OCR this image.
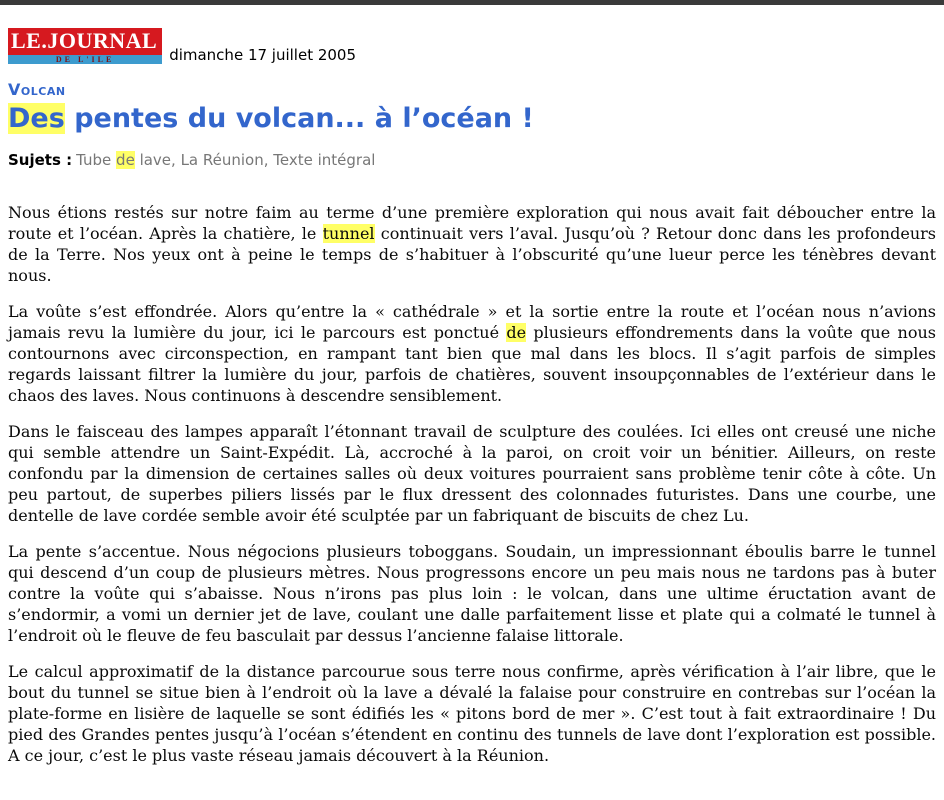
LE.JOURNAL
DE L'ILE	dimanche 17 juillet 2005
Volcan
Des pentes du volcan... à l’océan !
Sujets : Tube de lave, La Réunion, Texte intégral

Nous étions restés sur notre faim au terme d’une première exploration qui nous avait fait déboucher entre la route et l’océan. Après la chatière, le tunnel continuait vers l’aval. Jusqu’où ? Retour donc dans les profondeurs de la Terre. Nos yeux ont à peine le temps de s’habituer à l’obscurité qu’une lueur perce les ténèbres devant nous.

La voûte s’est effondrée. Alors qu’entre la « cathédrale » et la sortie entre la route et l’océan nous n’avions jamais revu la lumière du jour, ici le parcours est ponctué de plusieurs effondrements dans la voûte que nous contournons avec circonspection, en rampant tant bien que mal dans les blocs. Il s’agit parfois de simples regards laissant filtrer la lumière du jour, parfois de chatières, souvent insoupçonnables de l’extérieur dans le chaos des laves. Nous continuons à descendre sensiblement.

Dans le faisceau des lampes apparaît l’étonnant travail de sculpture des coulées. Ici elles ont creusé une niche qui semble attendre un Saint-Expédit. Là, accroché à la paroi, on croit voir un bénitier. Ailleurs, on reste confondu par la dimension de certaines salles où deux voitures pourraient sans problème tenir côte à côte. Un peu partout, de superbes piliers lissés par le flux dressent des colonnades futuristes. Dans une courbe, une dentelle de lave cordée semble avoir été sculptée par un fabriquant de biscuits de chez Lu.

La pente s’accentue. Nous négocions plusieurs toboggans. Soudain, un impressionnant éboulis barre le tunnel qui descend d’un coup de plusieurs mètres. Nous progressons encore un peu mais nous ne tardons pas à buter contre la voûte qui s’abaisse. Nous n’irons pas plus loin : le volcan, dans une ultime éructation avant de s’endormir, a vomi un dernier jet de lave, coulant une dalle parfaitement lisse et plate qui a colmaté le tunnel à l’endroit où le fleuve de feu basculait par dessus l’ancienne falaise littorale.

Le calcul approximatif de la distance parcourue sous terre nous confirme, après vérification à l’air libre, que le bout du tunnel se situe bien à l’endroit où la lave a dévalé la falaise pour construire en contrebas sur l’océan la plate-forme en lisière de laquelle se sont édifiés les « pitons bord de mer ». C’est tout à fait extraordinaire ! Du pied des Grandes pentes jusqu’à l’océan s’étendent en continu des tunnels de lave dont l’exploration est possible. A ce jour, c’est le plus vaste réseau jamais découvert à la Réunion.
